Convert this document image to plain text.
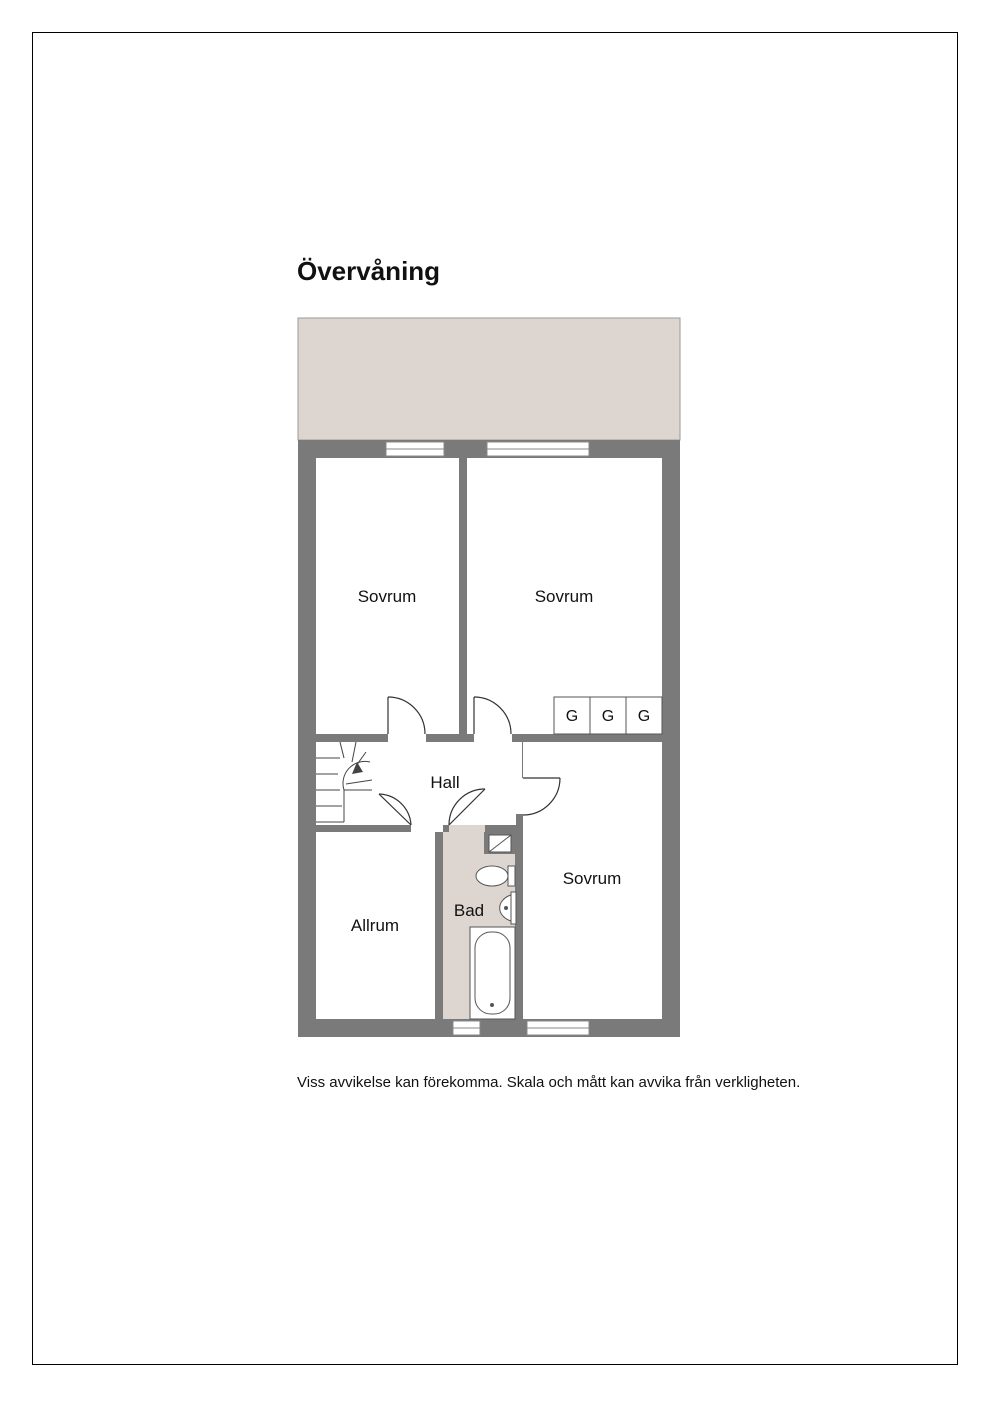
Övervåning
G G G
Sovrum	Sovrum
Hall
Sovrum
Bad
Allrum
Viss avvikelse kan förekomma. Skala och mått kan avvika från verkligheten.
